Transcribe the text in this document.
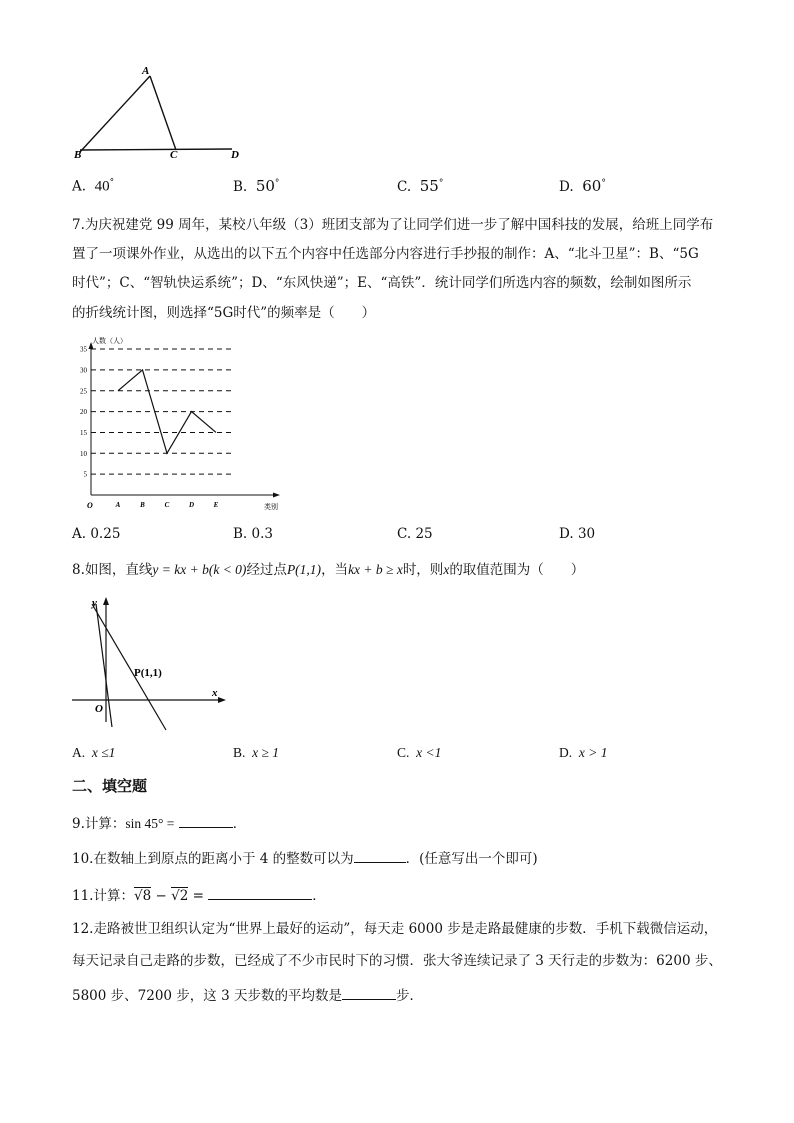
A
B	C	D
A. 40°	B. 50°	C. 55°	D. 60°
7.为庆祝建党 99 周年，某校八年级（3）班团支部为了让同学们进一步了解中国科技的发展，给班上同学布
置了一项课外作业，从选出的以下五个内容中任选部分内容进行手抄报的制作：A、“北斗卫星”：B、“5G
时代”；C、“智轨快运系统”；D、“东风快递”；E、“高铁”．统计同学们所选内容的频数，绘制如图所示
的折线统计图，则选择“5G时代”的频率是（　　）
5
10
15
20
25
30
35
A	B	C	D	E
人数（人）
类别
O
A. 0.25	B. 0.3	C. 25	D. 30
8.如图，直线y = kx + b(k < 0)经过点P(1,1)，当kx + b ≥ x时，则x的取值范围为（　　）
y
x
O
P(1,1)
A. x ≤1	B. x ≥ 1	C. x <1	D. x > 1
二、填空题
9.计算：sin 45° =	．
10.在数轴上到原点的距离小于 4 的整数可以为	．(任意写出一个即可)
11.计算：√8 − √2 =	．
12.走路被世卫组织认定为“世界上最好的运动”，每天走 6000 步是走路最健康的步数．手机下载微信运动，
每天记录自己走路的步数，已经成了不少市民时下的习惯．张大爷连续记录了 3 天行走的步数为：6200 步、
5800 步、7200 步，这 3 天步数的平均数是	步．
